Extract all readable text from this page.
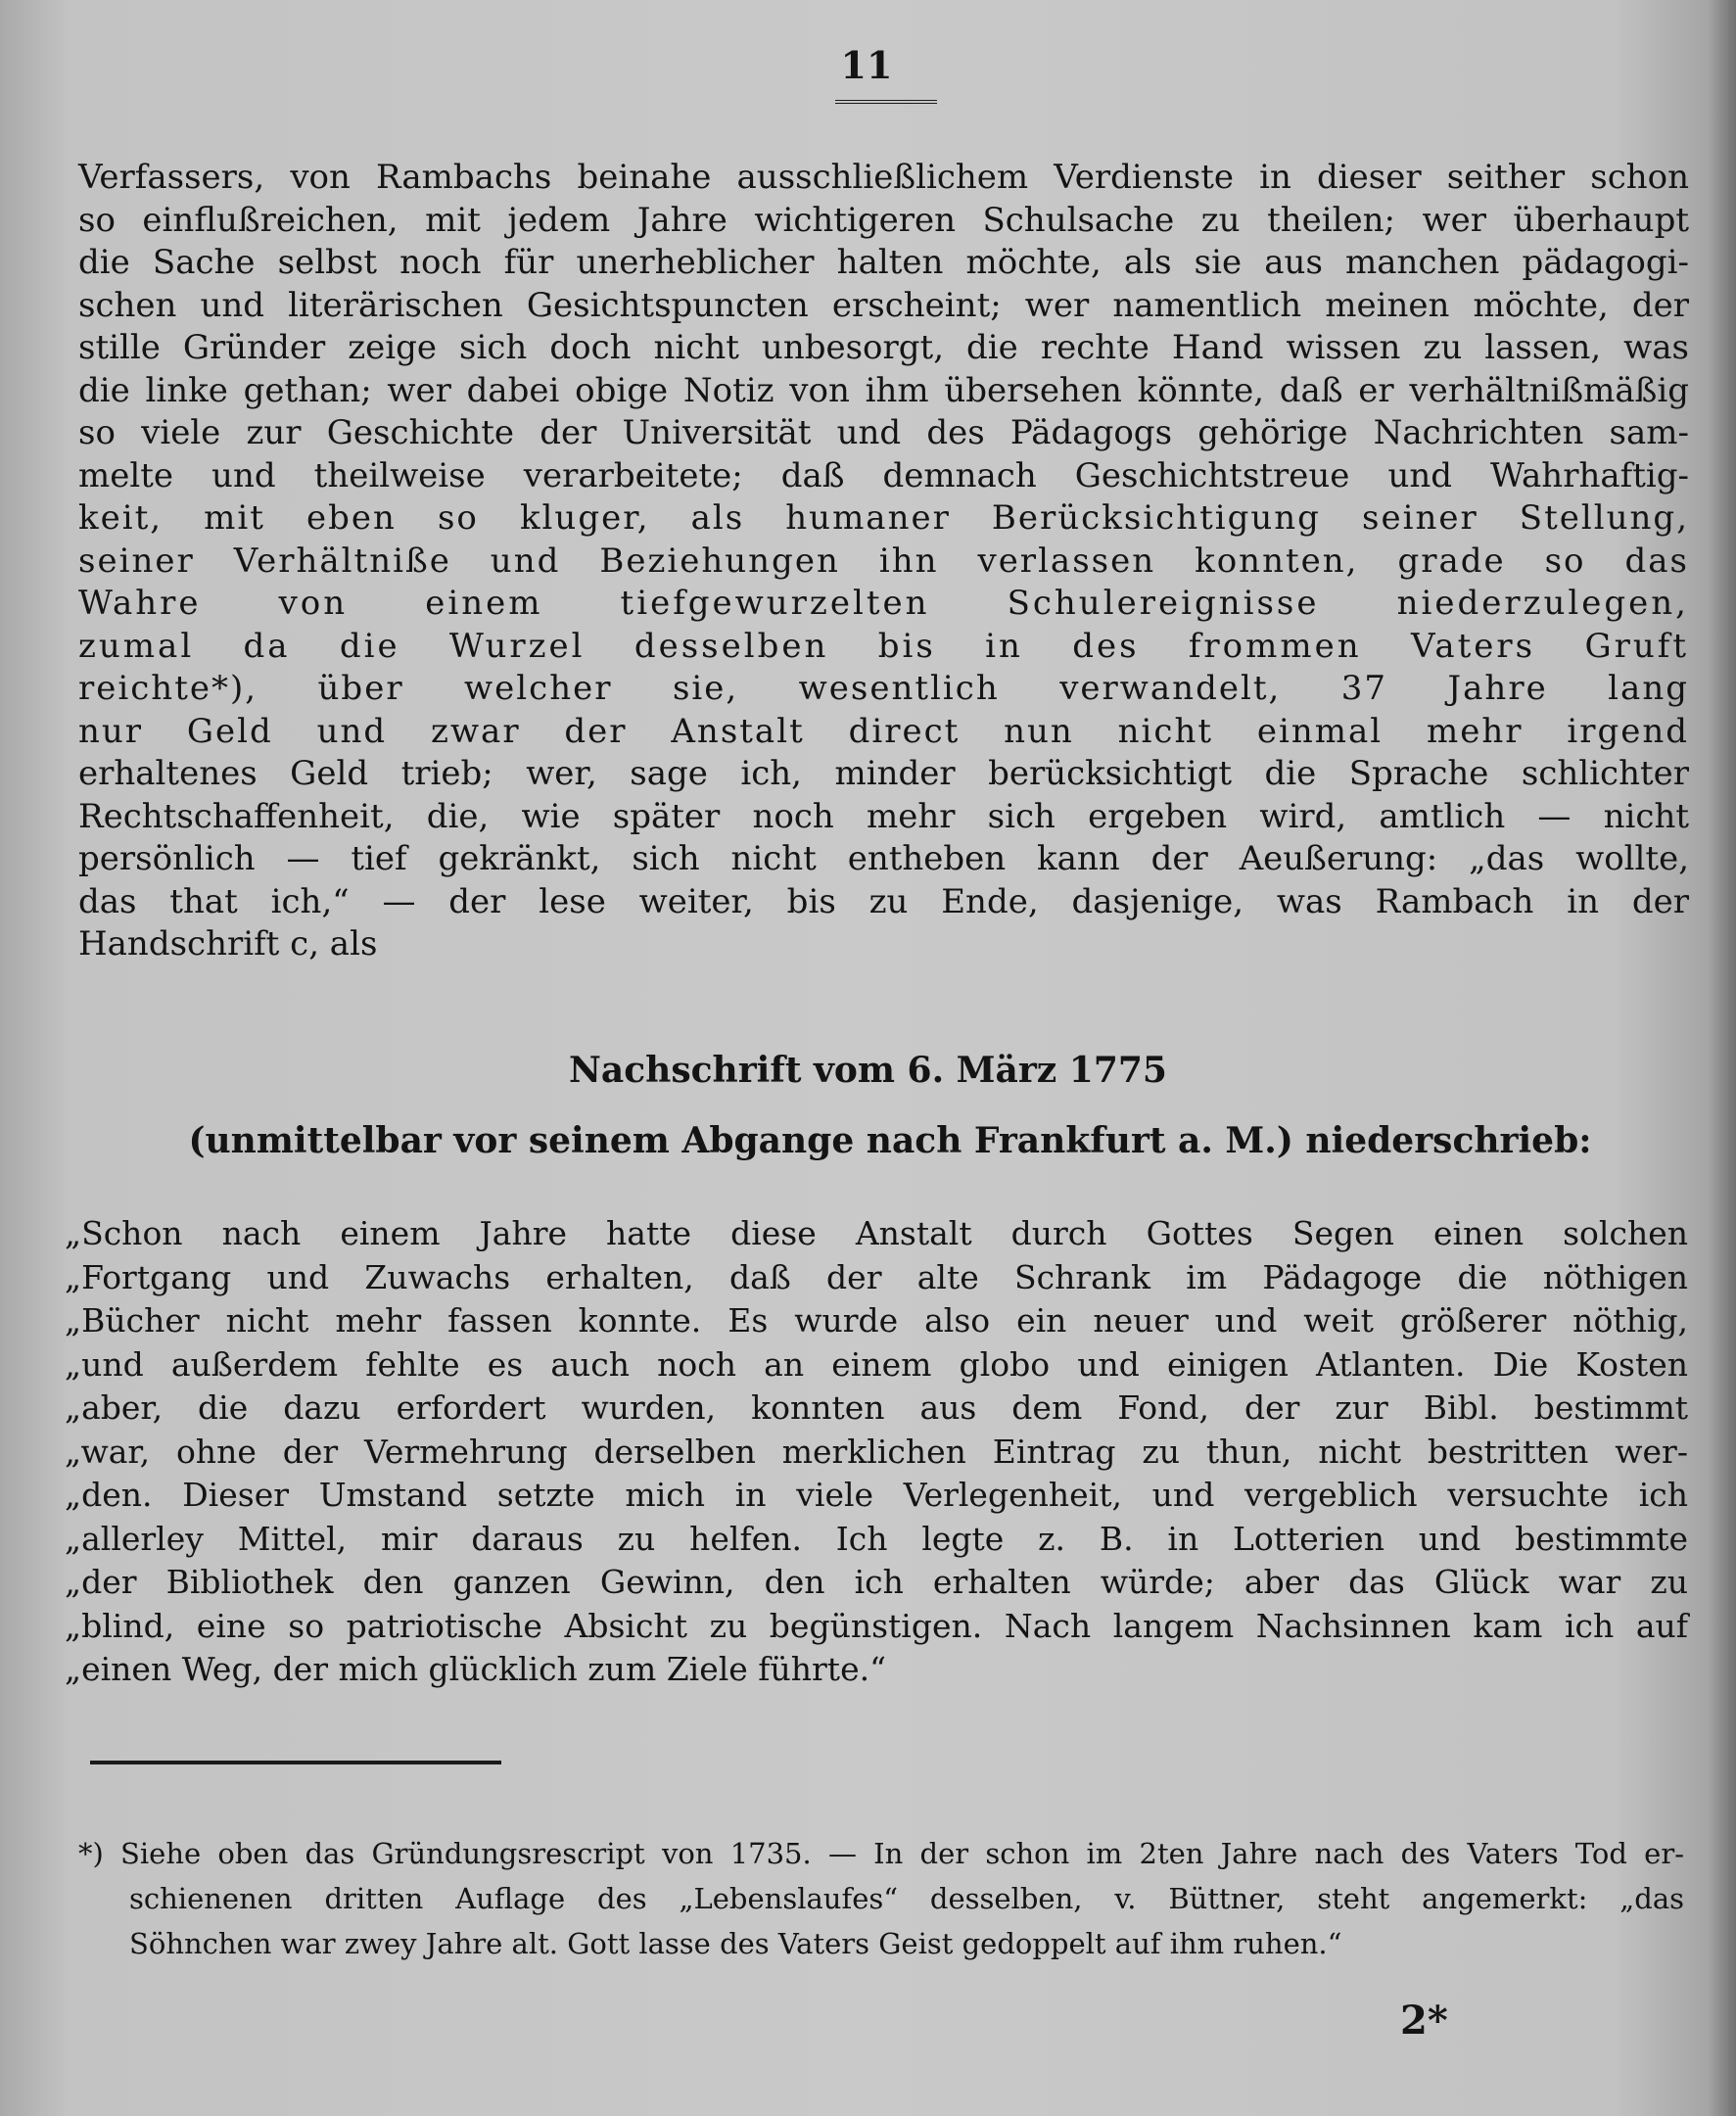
11
Verfassers, von Rambachs beinahe ausschließlichem Verdienste in dieser seither schon
so einflußreichen, mit jedem Jahre wichtigeren Schulsache zu theilen; wer überhaupt
die Sache selbst noch für unerheblicher halten möchte, als sie aus manchen pädagogi-
schen und literärischen Gesichtspuncten erscheint; wer namentlich meinen möchte, der
stille Gründer zeige sich doch nicht unbesorgt, die rechte Hand wissen zu lassen, was
die linke gethan; wer dabei obige Notiz von ihm übersehen könnte, daß er verhältnißmäßig
so viele zur Geschichte der Universität und des Pädagogs gehörige Nachrichten sam-
melte und theilweise verarbeitete; daß demnach Geschichtstreue und Wahrhaftig-
keit, mit eben so kluger, als humaner Berücksichtigung seiner Stellung,
seiner Verhältniße und Beziehungen ihn verlassen konnten, grade so das
Wahre von einem tiefgewurzelten Schulereignisse niederzulegen,
zumal da die Wurzel desselben bis in des frommen Vaters Gruft
reichte*), über welcher sie, wesentlich verwandelt, 37 Jahre lang
nur Geld und zwar der Anstalt direct nun nicht einmal mehr irgend
erhaltenes Geld trieb; wer, sage ich, minder berücksichtigt die Sprache schlichter
Rechtschaffenheit, die, wie später noch mehr sich ergeben wird, amtlich — nicht
persönlich — tief gekränkt, sich nicht entheben kann der Aeußerung: „das wollte,
das that ich,“ — der lese weiter, bis zu Ende, dasjenige, was Rambach in der
Handschrift c, als
Nachschrift vom 6. März 1775
(unmittelbar vor seinem Abgange nach Frankfurt a. M.) niederschrieb:
„Schon nach einem Jahre hatte diese Anstalt durch Gottes Segen einen solchen
„Fortgang und Zuwachs erhalten, daß der alte Schrank im Pädagoge die nöthigen
„Bücher nicht mehr fassen konnte. Es wurde also ein neuer und weit größerer nöthig,
„und außerdem fehlte es auch noch an einem globo und einigen Atlanten. Die Kosten
„aber, die dazu erfordert wurden, konnten aus dem Fond, der zur Bibl. bestimmt
„war, ohne der Vermehrung derselben merklichen Eintrag zu thun, nicht bestritten wer-
„den. Dieser Umstand setzte mich in viele Verlegenheit, und vergeblich versuchte ich
„allerley Mittel, mir daraus zu helfen. Ich legte z. B. in Lotterien und bestimmte
„der Bibliothek den ganzen Gewinn, den ich erhalten würde; aber das Glück war zu
„blind, eine so patriotische Absicht zu begünstigen. Nach langem Nachsinnen kam ich auf
„einen Weg, der mich glücklich zum Ziele führte.“
*) Siehe oben das Gründungsrescript von 1735. — In der schon im 2ten Jahre nach des Vaters Tod er-
schienenen dritten Auflage des „Lebenslaufes“ desselben, v. Büttner, steht angemerkt: „das
Söhnchen war zwey Jahre alt. Gott lasse des Vaters Geist gedoppelt auf ihm ruhen.“
2*
